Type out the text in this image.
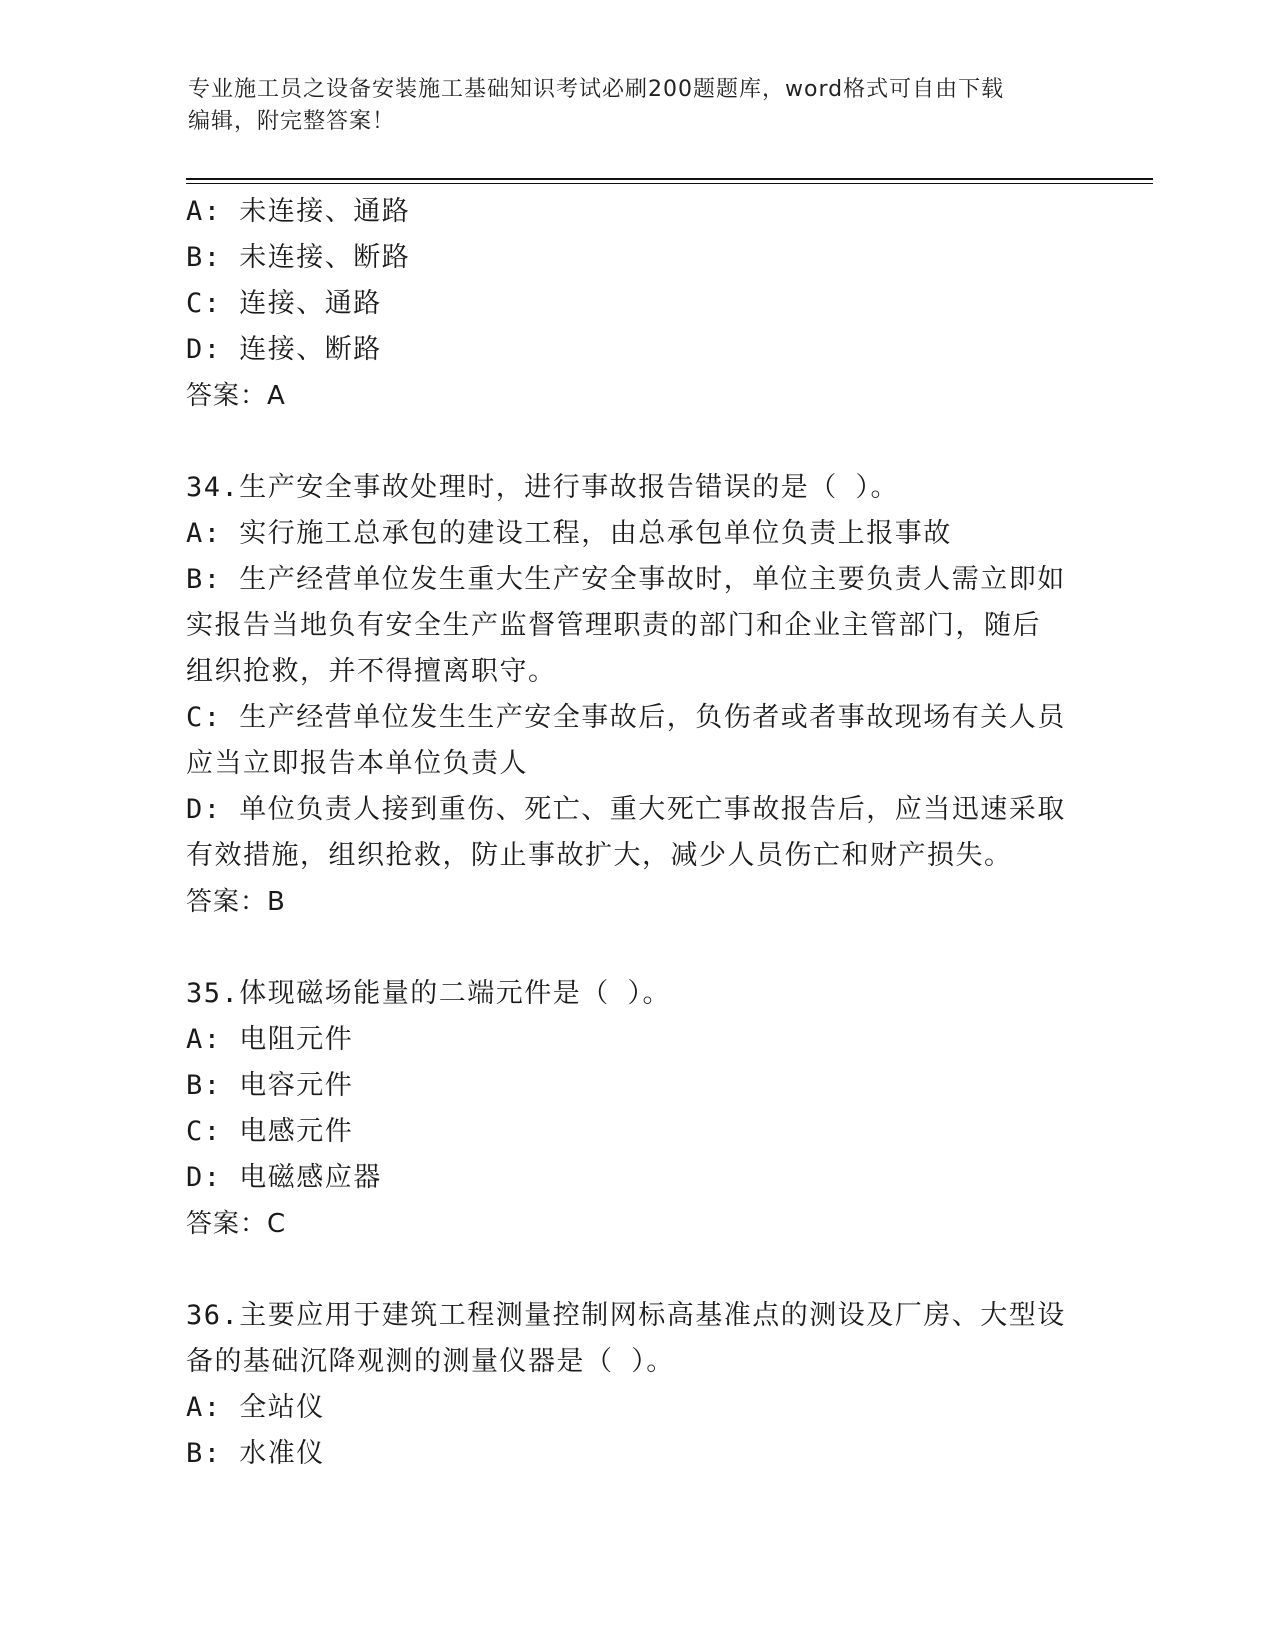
专业施工员之设备安装施工基础知识考试必刷200题题库，word格式可自由下载
编辑，附完整答案！
A: 未连接、通路
B: 未连接、断路
C: 连接、通路
D: 连接、断路
答案：A
34.生产安全事故处理时，进行事故报告错误的是（ ）。
A: 实行施工总承包的建设工程，由总承包单位负责上报事故
B: 生产经营单位发生重大生产安全事故时，单位主要负责人需立即如
实报告当地负有安全生产监督管理职责的部门和企业主管部门，随后
组织抢救，并不得擅离职守。
C: 生产经营单位发生生产安全事故后，负伤者或者事故现场有关人员
应当立即报告本单位负责人
D: 单位负责人接到重伤、死亡、重大死亡事故报告后，应当迅速采取
有效措施，组织抢救，防止事故扩大，减少人员伤亡和财产损失。
答案：B
35.体现磁场能量的二端元件是（ ）。
A: 电阻元件
B: 电容元件
C: 电感元件
D: 电磁感应器
答案：C
36.主要应用于建筑工程测量控制网标高基准点的测设及厂房、大型设
备的基础沉降观测的测量仪器是（ ）。
A: 全站仪
B: 水准仪
